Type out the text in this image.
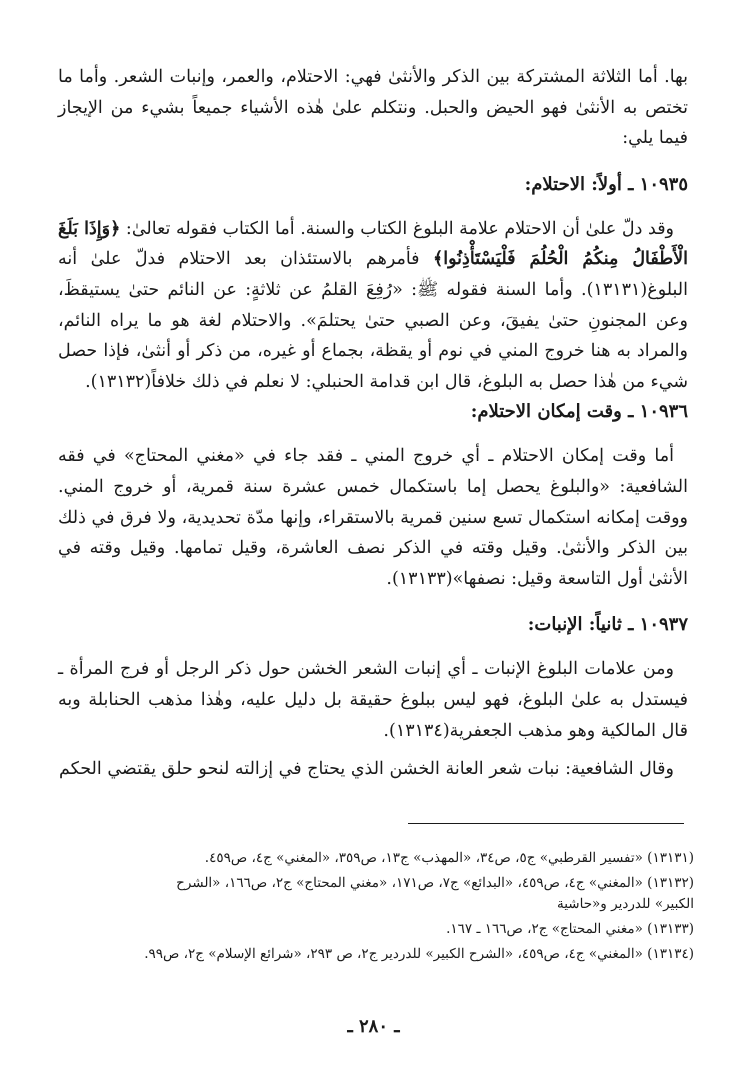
بها. أما الثلاثة المشتركة بين الذكر والأنثىٰ فهي: الاحتلام، والعمر، وإنبات الشعر. وأما ما تختص به الأنثىٰ فهو الحيض والحبل. ونتكلم علىٰ هٰذه الأشياء جميعاً بشيء من الإيجاز فيما يلي:

١٠٩٣٥ ـ أولاً: الاحتلام:

وقد دلّ علىٰ أن الاحتلام علامة البلوغ الكتاب والسنة. أما الكتاب فقوله تعالىٰ: ﴿وَإِذَا بَلَغَ الْأَطْفَالُ مِنكُمُ الْحُلُمَ فَلْيَسْتَأْذِنُوا﴾ فأمرهم بالاستئذان بعد الاحتلام فدلّ علىٰ أنه البلوغ(١٣١٣١). وأما السنة فقوله ﷺ: «رُفِعَ القلمُ عن ثلاثةٍ: عن النائم حتىٰ يستيقظَ، وعن المجنونِ حتىٰ يفيقَ، وعن الصبي حتىٰ يحتلمَ». والاحتلام لغة هو ما يراه النائم، والمراد به هنا خروج المني في نوم أو يقظة، بجماع أو غيره، من ذكر أو أنثىٰ، فإذا حصل شيء من هٰذا حصل به البلوغ، قال ابن قدامة الحنبلي: لا نعلم في ذلك خلافاً(١٣١٣٢).

١٠٩٣٦ ـ وقت إمكان الاحتلام:

أما وقت إمكان الاحتلام ـ أي خروج المني ـ فقد جاء في «مغني المحتاج» في فقه الشافعية: «والبلوغ يحصل إما باستكمال خمس عشرة سنة قمرية، أو خروج المني. ووقت إمكانه استكمال تسع سنين قمرية بالاستقراء، وإنها مدّة تحديدية، ولا فرق في ذلك بين الذكر والأنثىٰ. وقيل وقته في الذكر نصف العاشرة، وقيل تمامها. وقيل وقته في الأنثىٰ أول التاسعة وقيل: نصفها»(١٣١٣٣).

١٠٩٣٧ ـ ثانياً: الإنبات:

ومن علامات البلوغ الإنبات ـ أي إنبات الشعر الخشن حول ذكر الرجل أو فرج المرأة ـ فيستدل به علىٰ البلوغ، فهو ليس ببلوغ حقيقة بل دليل عليه، وهٰذا مذهب الحنابلة وبه قال المالكية وهو مذهب الجعفرية(١٣١٣٤).

وقال الشافعية: نبات شعر العانة الخشن الذي يحتاج في إزالته لنحو حلق يقتضي الحكم

(١٣١٣١) «تفسير القرطبي» ج٥، ص٣٤، «المهذب» ج١٣، ص٣٥٩، «المغني» ج٤، ص٤٥٩.

(١٣١٣٢) «المغني» ج٤، ص٤٥٩، «البدائع» ج٧، ص١٧١، «مغني المحتاج» ج٢، ص١٦٦، «الشرح
الكبير» للدردير و«حاشية

(١٣١٣٣) «مغني المحتاج» ج٢، ص١٦٦ ـ ١٦٧.

(١٣١٣٤) «المغني» ج٤، ص٤٥٩، «الشرح الكبير» للدردير ج٢، ص ٢٩٣، «شرائع الإسلام» ج٢، ص٩٩.

ـ ٢٨٠ ـ
